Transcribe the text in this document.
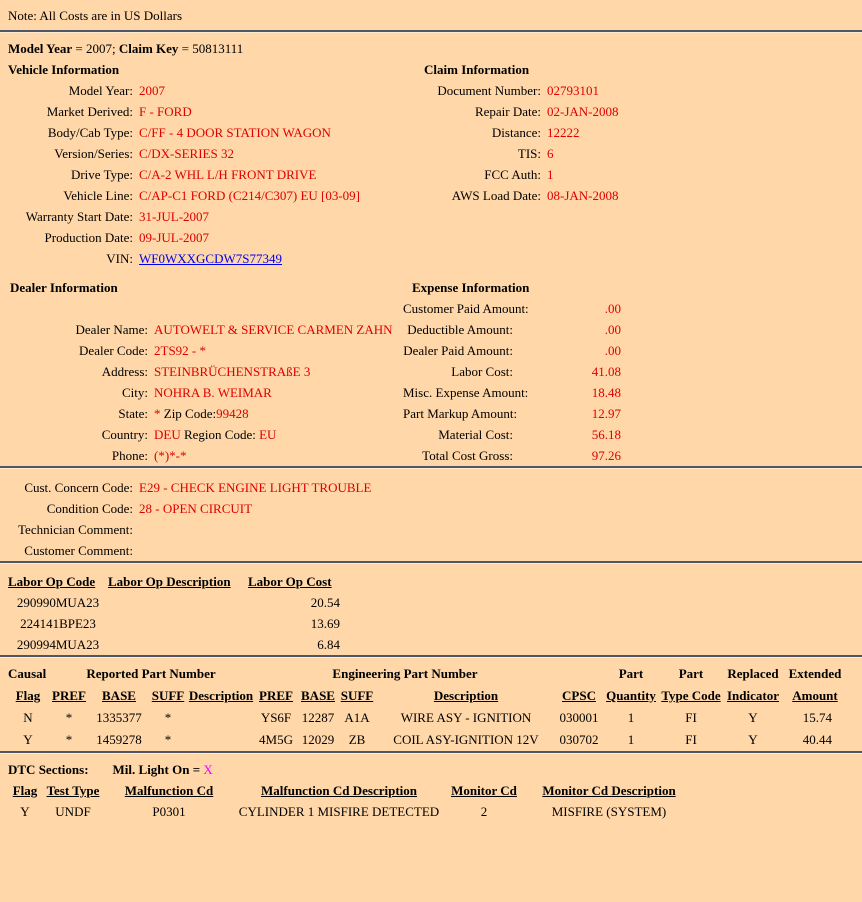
Note: All Costs are in US Dollars
Model Year = 2007; Claim Key = 50813111
Vehicle Information
Model Year: 2007
Market Derived: F - FORD
Body/Cab Type: C/FF - 4 DOOR STATION WAGON
Version/Series: C/DX-SERIES 32
Drive Type: C/A-2 WHL L/H FRONT DRIVE
Vehicle Line: C/AP-C1 FORD (C214/C307) EU [03-09]
Warranty Start Date: 31-JUL-2007
Production Date: 09-JUL-2007
VIN: WF0WXXGCDW7S77349
Claim Information
Document Number: 02793101
Repair Date: 02-JAN-2008
Distance: 12222
TIS: 6
FCC Auth: 1
AWS Load Date: 08-JAN-2008
Dealer Information
Dealer Name: AUTOWELT & SERVICE CARMEN ZAHN
Dealer Code: 2TS92 - *
Address: STEINBRÜCHENSTRAßE 3
City: NOHRA B. WEIMAR
State: * Zip Code:99428
Country: DEU Region Code: EU
Phone: (*)*-*
Expense Information
Customer Paid Amount:	.00
Deductible Amount:	.00
Dealer Paid Amount:	.00
Labor Cost:	41.08
Misc. Expense Amount:	18.48
Part Markup Amount:	12.97
Material Cost:	56.18
Total Cost Gross:	97.26
Cust. Concern Code: E29 - CHECK ENGINE LIGHT TROUBLE
Condition Code: 28 - OPEN CIRCUIT
Technician Comment:
Customer Comment:
Labor Op Code	Labor Op Description	Labor Op Cost
290990MUA23		20.54
224141BPE23		13.69
290994MUA23		6.84
Causal	Reported Part Number				Engineering Part Number					Part	Part	Replaced	Extended
Flag	PREF	BASE	SUFF	Description	PREF	BASE	SUFF	Description	CPSC	Quantity	Type Code	Indicator	Amount
N	*	1335377	*		YS6F	12287	A1A	WIRE ASY - IGNITION	030001	1	FI	Y	15.74
Y	*	1459278	*		4M5G	12029	ZB	COIL ASY-IGNITION 12V	030702	1	FI	Y	40.44
DTC Sections: Mil. Light On = X
Flag	Test Type	Malfunction Cd	Malfunction Cd Description	Monitor Cd	Monitor Cd Description
Y	UNDF	P0301	CYLINDER 1 MISFIRE DETECTED	2	MISFIRE (SYSTEM)
